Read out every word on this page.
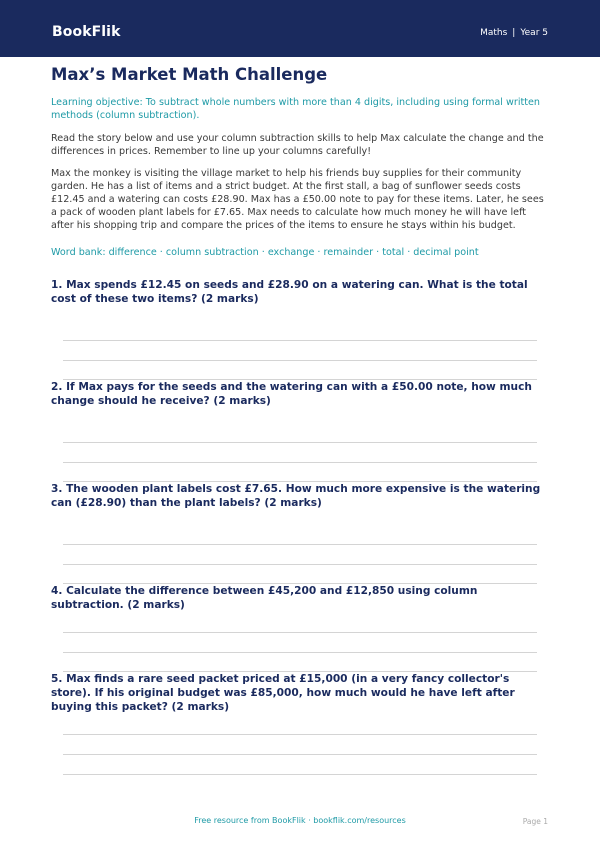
BookFlik	Maths | Year 5
Max’s Market Math Challenge
Learning objective: To subtract whole numbers with more than 4 digits, including using formal written methods (column subtraction).
Read the story below and use your column subtraction skills to help Max calculate the change and the differences in prices. Remember to line up your columns carefully!
Max the monkey is visiting the village market to help his friends buy supplies for their community garden. He has a list of items and a strict budget. At the first stall, a bag of sunflower seeds costs £12.45 and a watering can costs £28.90. Max has a £50.00 note to pay for these items. Later, he sees a pack of wooden plant labels for £7.65. Max needs to calculate how much money he will have left after his shopping trip and compare the prices of the items to ensure he stays within his budget.
Word bank: difference · column subtraction · exchange · remainder · total · decimal point
1. Max spends £12.45 on seeds and £28.90 on a watering can. What is the total cost of these two items? (2 marks)
2. If Max pays for the seeds and the watering can with a £50.00 note, how much change should he receive? (2 marks)
3. The wooden plant labels cost £7.65. How much more expensive is the watering can (£28.90) than the plant labels? (2 marks)
4. Calculate the difference between £45,200 and £12,850 using column subtraction. (2 marks)
5. Max finds a rare seed packet priced at £15,000 (in a very fancy collector's store). If his original budget was £85,000, how much would he have left after buying this packet? (2 marks)
Free resource from BookFlik · bookflik.com/resources	Page 1
